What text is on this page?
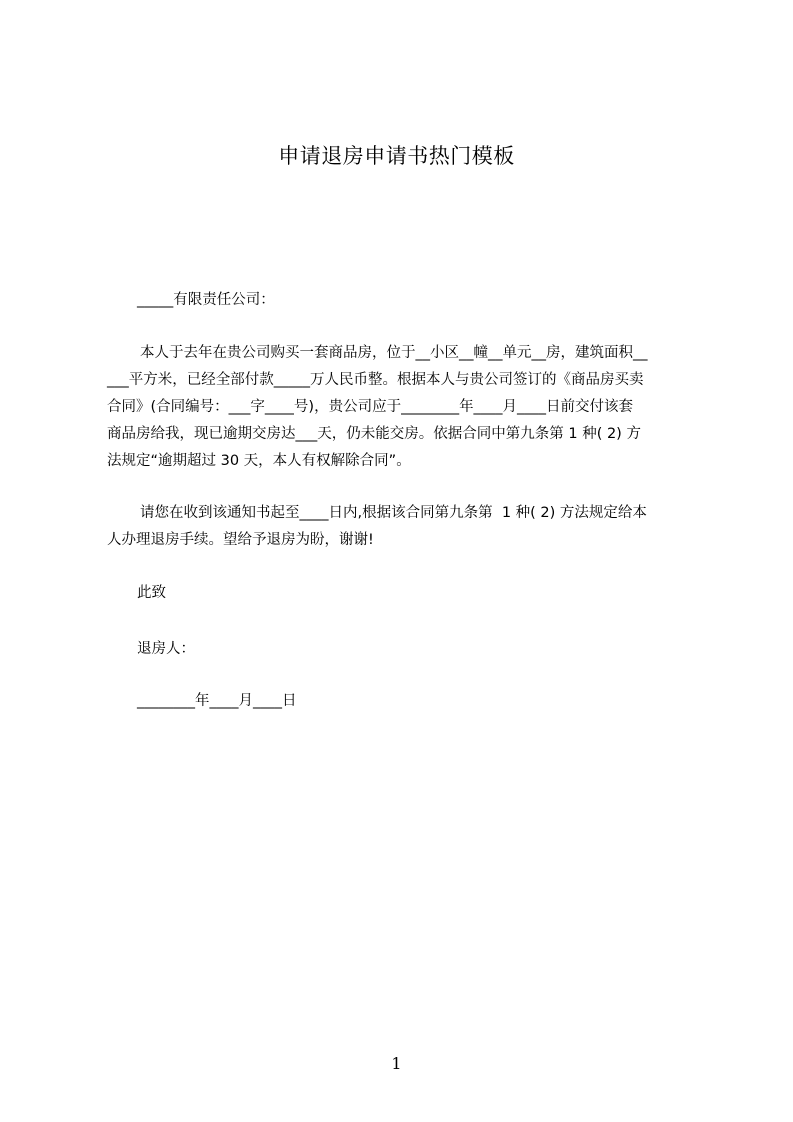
申请退房申请书热门模板
_____有限责任公司：
本人于去年在贵公司购买一套商品房，位于__小区__幢__单元__房，建筑面积__
___平方米，已经全部付款_____万人民币整。根据本人与贵公司签订的《商品房买卖
合同》(合同编号：___字____号)，贵公司应于________年____月____日前交付该套
商品房给我，现已逾期交房达___天，仍未能交房。依据合同中第九条第 1 种( 2) 方
法规定“逾期超过 30 天，本人有权解除合同”。
请您在收到该通知书起至____日内,根据该合同第九条第  1 种( 2) 方法规定给本
人办理退房手续。望给予退房为盼，谢谢!
此致
退房人：
________年____月____日
1
